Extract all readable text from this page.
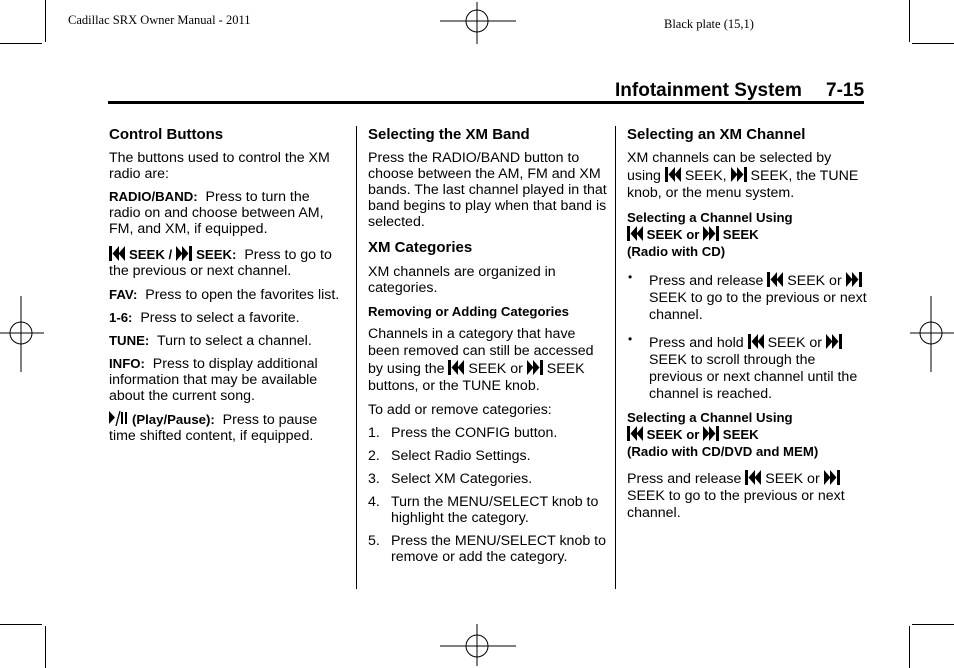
Cadillac SRX Owner Manual - 2011	Black plate (15,1)
Infotainment System 7-15
Control Buttons

The buttons used to control the XM radio are:

RADIO/BAND: Press to turn the radio on and choose between AM, FM, and XM, if equipped.

SEEK / SEEK: Press to go to the previous or next channel.

FAV: Press to open the favorites list.

1-6: Press to select a favorite.

TUNE: Turn to select a channel.

INFO: Press to display additional information that may be available about the current song.

(Play/Pause): Press to pause time shifted content, if equipped.

Selecting the XM Band

Press the RADIO/BAND button to choose between the AM, FM and XM bands. The last channel played in that band begins to play when that band is selected.

XM Categories

XM channels are organized in categories.

Removing or Adding Categories

Channels in a category that have been removed can still be accessed by using the SEEK or SEEK buttons, or the TUNE knob.

To add or remove categories:

1. Press the CONFIG button.
2. Select Radio Settings.
3. Select XM Categories.
4. Turn the MENU/SELECT knob to highlight the category.
5. Press the MENU/SELECT knob to remove or add the category.
Selecting an XM Channel

XM channels can be selected by
using SEEK, SEEK, the TUNE knob, or the menu system.

Selecting a Channel Using
SEEK or SEEK
(Radio with CD)
• Press and release SEEK or  SEEK to go to the previous or next channel.
• Press and hold SEEK or  SEEK to scroll through the previous or next channel until the channel is reached.
Selecting a Channel Using
SEEK or SEEK
(Radio with CD/DVD and MEM)

Press and release SEEK or  SEEK to go to the previous or next channel.
